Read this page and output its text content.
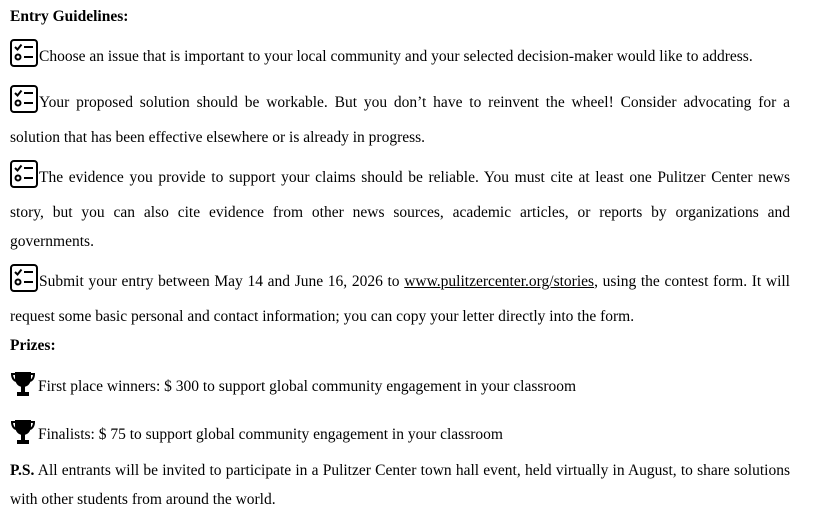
Entry Guidelines:
Choose an issue that is important to your local community and your selected decision-maker would like to address.
Your proposed solution should be workable. But you don’t have to reinvent the wheel! Consider advocating for a solution that has been effective elsewhere or is already in progress.
The evidence you provide to support your claims should be reliable. You must cite at least one Pulitzer Center news story, but you can also cite evidence from other news sources, academic articles, or reports by organizations and governments.
Submit your entry between May 14 and June 16, 2026 to www.pulitzercenter.org/stories, using the contest form. It will request some basic personal and contact information; you can copy your letter directly into the form.
Prizes:
First place winners: $ 300 to support global community engagement in your classroom
Finalists: $ 75 to support global community engagement in your classroom
P.S. All entrants will be invited to participate in a Pulitzer Center town hall event, held virtually in August, to share solutions with other students from around the world.
